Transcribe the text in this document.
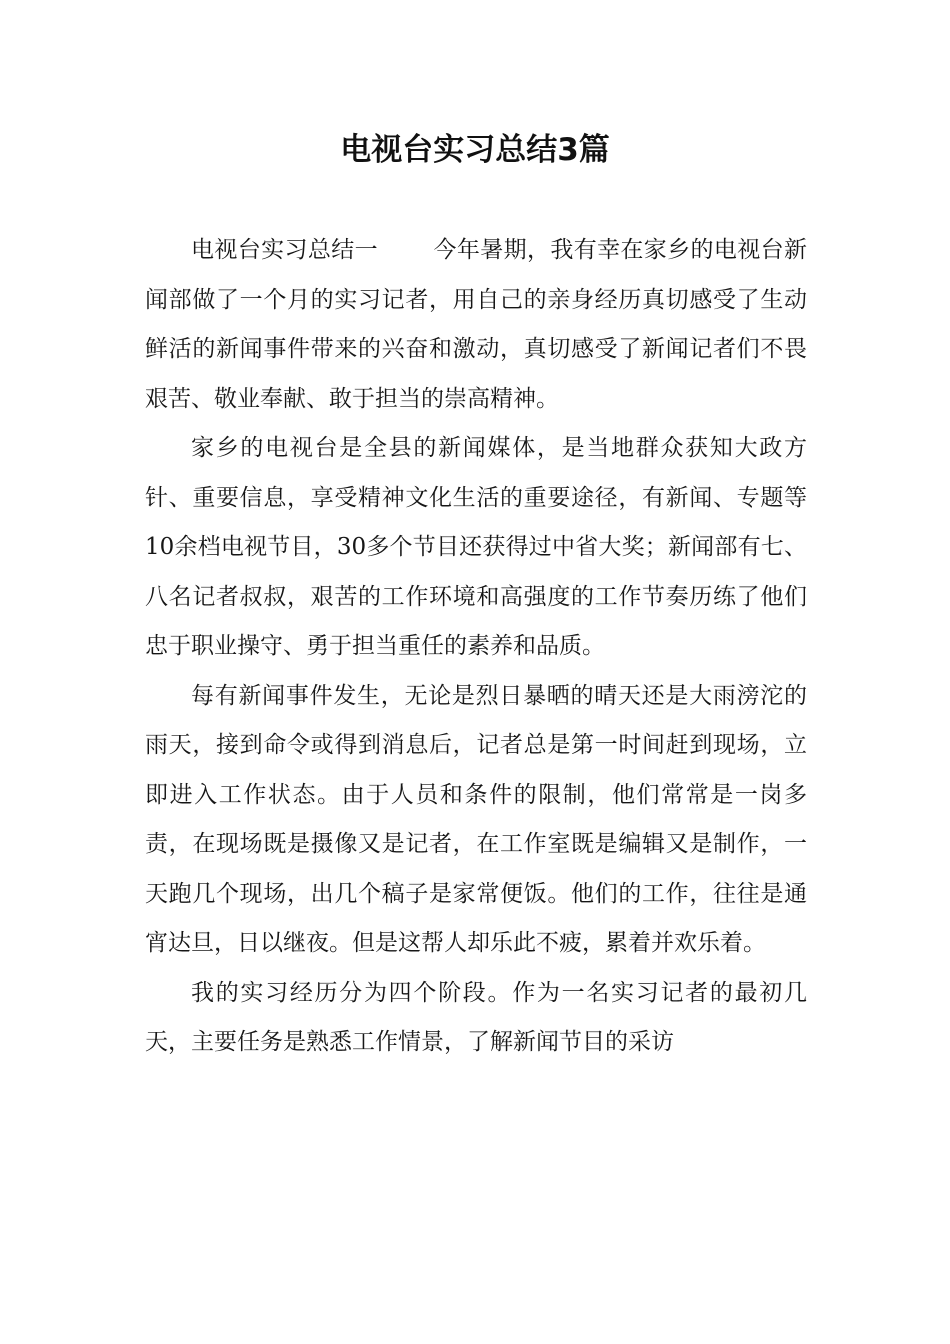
电视台实习总结3篇

电视台实习总结一 今年暑期，我有幸在家乡的电视台新闻部做了一个月的实习记者，用自己的亲身经历真切感受了生动鲜活的新闻事件带来的兴奋和激动，真切感受了新闻记者们不畏艰苦、敬业奉献、敢于担当的崇高精神。

家乡的电视台是全县的新闻媒体，是当地群众获知大政方针、重要信息，享受精神文化生活的重要途径，有新闻、专题等10余档电视节目，30多个节目还获得过中省大奖；新闻部有七、八名记者叔叔，艰苦的工作环境和高强度的工作节奏历练了他们忠于职业操守、勇于担当重任的素养和品质。

每有新闻事件发生，无论是烈日暴晒的晴天还是大雨滂沱的雨天，接到命令或得到消息后，记者总是第一时间赶到现场，立即进入工作状态。由于人员和条件的限制，他们常常是一岗多责，在现场既是摄像又是记者，在工作室既是编辑又是制作，一天跑几个现场，出几个稿子是家常便饭。他们的工作，往往是通宵达旦，日以继夜。但是这帮人却乐此不疲，累着并欢乐着。

我的实习经历分为四个阶段。作为一名实习记者的最初几天，主要任务是熟悉工作情景，了解新闻节目的采访
